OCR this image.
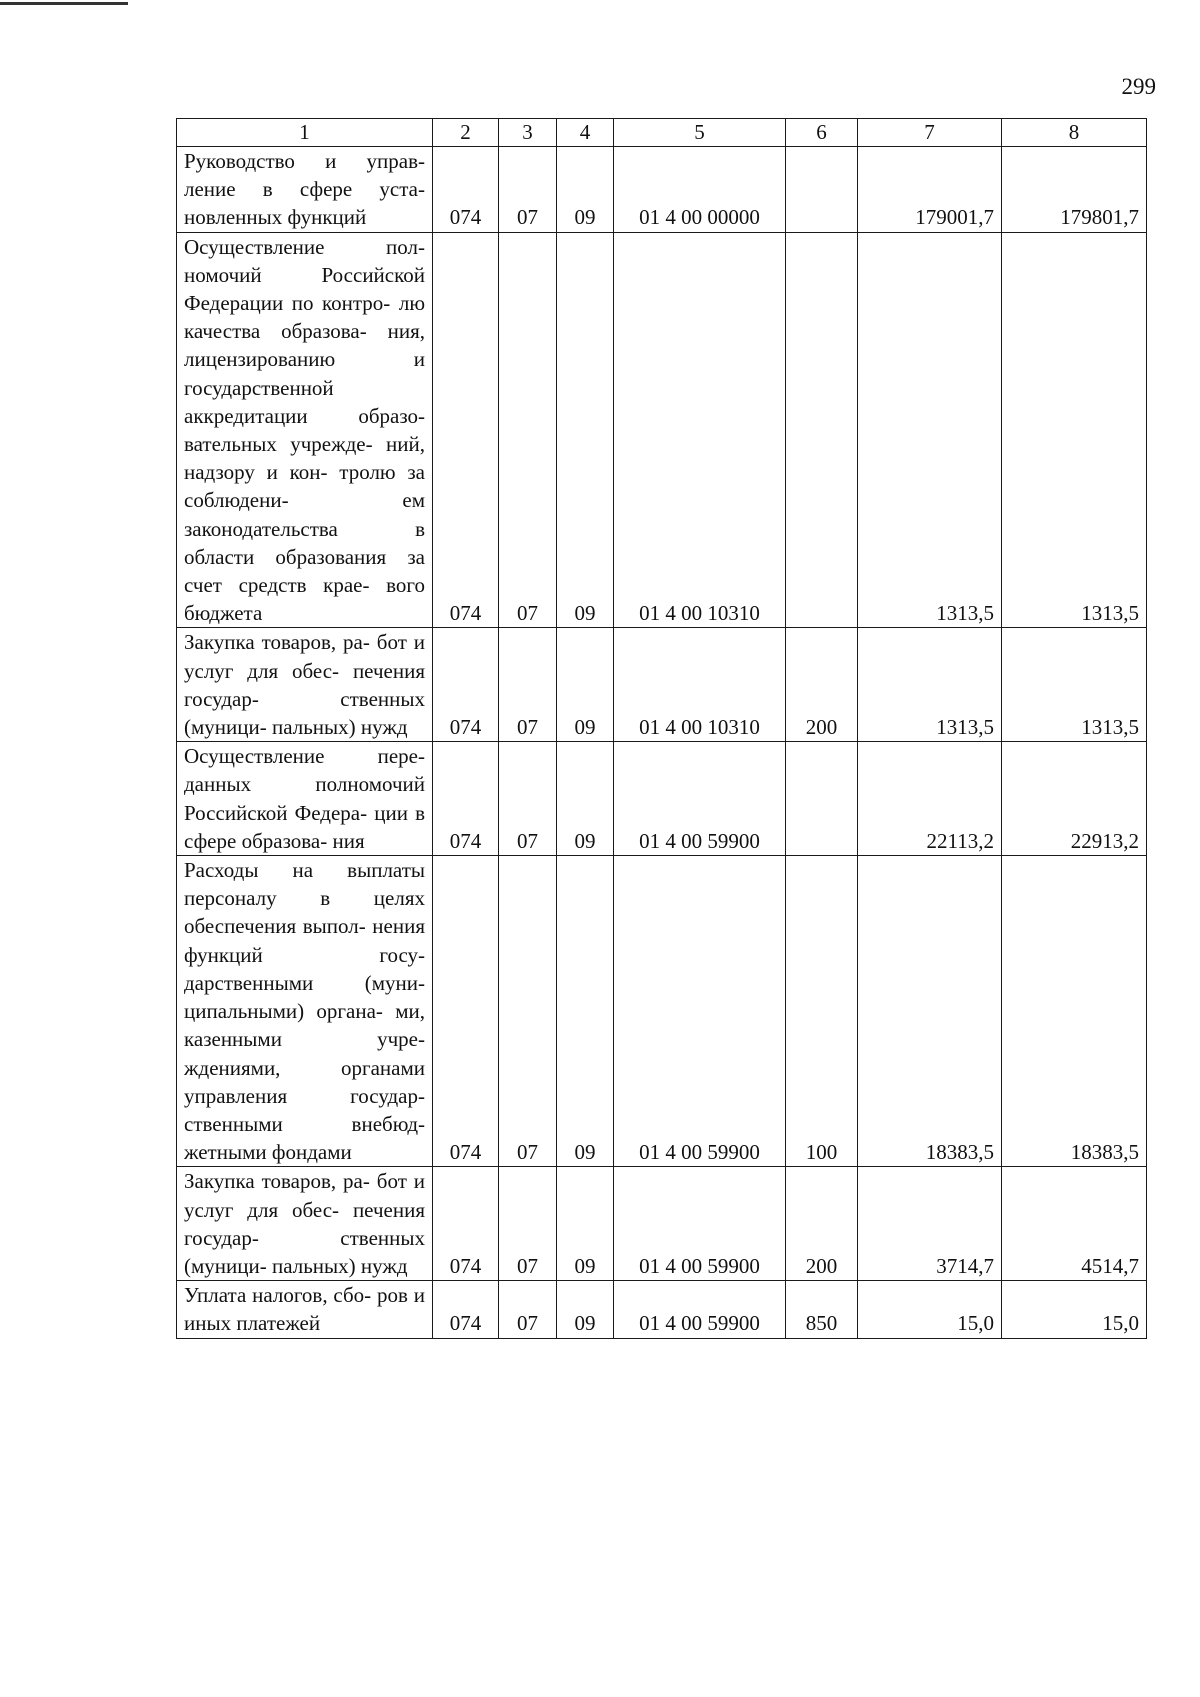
299
1	2	3	4	5	6	7	8
Руководство и управ- ление в сфере уста- новленных функций	074	07	09	01 4 00 00000		179001,7	179801,7
Осуществление пол- номочий Российской Федерации по контро- лю качества образова- ния, лицензированию и государственной аккредитации образо- вательных учрежде- ний, надзору и кон- тролю за соблюдени- ем законодательства в области образования за счет средств крае- вого бюджета	074	07	09	01 4 00 10310		1313,5	1313,5
Закупка товаров, ра- бот и услуг для обес- печения государ- ственных (муници- пальных) нужд	074	07	09	01 4 00 10310	200	1313,5	1313,5
Осуществление пере- данных полномочий Российской Федера- ции в сфере образова- ния	074	07	09	01 4 00 59900		22113,2	22913,2
Расходы на выплаты персоналу в целях обеспечения выпол- нения функций госу- дарственными (муни- ципальными) органа- ми, казенными учре- ждениями, органами управления государ- ственными внебюд- жетными фондами	074	07	09	01 4 00 59900	100	18383,5	18383,5
Закупка товаров, ра- бот и услуг для обес- печения государ- ственных (муници- пальных) нужд	074	07	09	01 4 00 59900	200	3714,7	4514,7
Уплата налогов, сбо- ров и иных платежей	074	07	09	01 4 00 59900	850	15,0	15,0
